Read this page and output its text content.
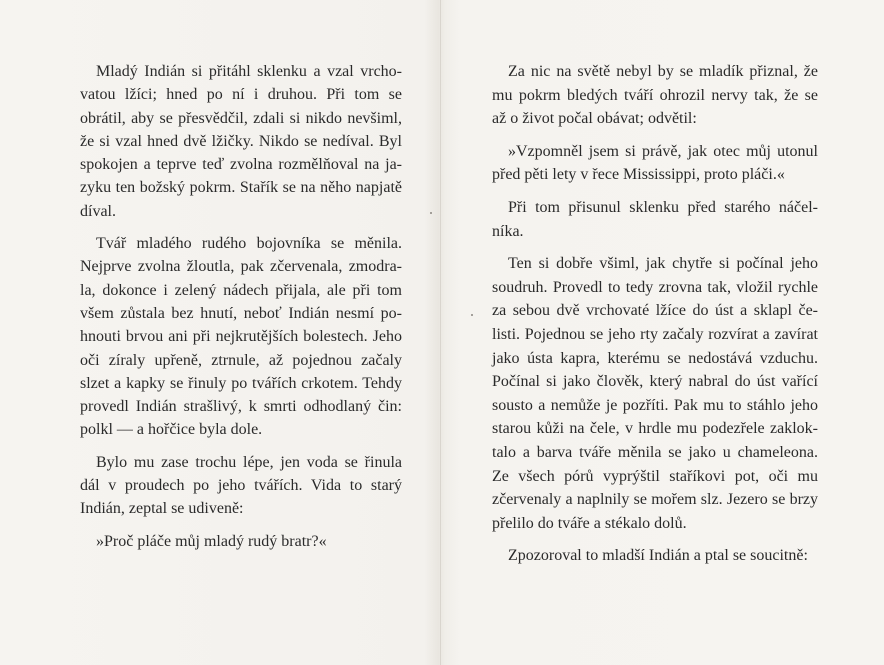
Mladý Indián si přitáhl sklenku a vzal vrcho-
vatou lžíci; hned po ní i druhou. Při tom se
obrátil, aby se přesvědčil, zdali si nikdo nevšiml,
že si vzal hned dvě lžičky. Nikdo se nedíval. Byl
spokojen a teprve teď zvolna rozmělňoval na ja-
zyku ten božský pokrm. Stařík se na něho napjatě
díval.
Tvář mladého rudého bojovníka se měnila.
Nejprve zvolna žloutla, pak zčervenala, zmodra-
la, dokonce i zelený nádech přijala, ale při tom
všem zůstala bez hnutí, neboť Indián nesmí po-
hnouti brvou ani při nejkrutějších bolestech. Jeho
oči zíraly upřeně, ztrnule, až pojednou začaly
slzet a kapky se řinuly po tvářích crkotem. Tehdy
provedl Indián strašlivý, k smrti odhodlaný čin:
polkl — a hořčice byla dole.
Bylo mu zase trochu lépe, jen voda se řinula
dál v proudech po jeho tvářích. Vida to starý
Indián, zeptal se udiveně:
»Proč pláče můj mladý rudý bratr?«
Za nic na světě nebyl by se mladík přiznal, že
mu pokrm bledých tváří ohrozil nervy tak, že se
až o život počal obávat; odvětil:
»Vzpomněl jsem si právě, jak otec můj utonul
před pěti lety v řece Mississippi, proto pláči.«
Při tom přisunul sklenku před starého náčel-
níka.
Ten si dobře všiml, jak chytře si počínal jeho
soudruh. Provedl to tedy zrovna tak, vložil rychle
za sebou dvě vrchovaté lžíce do úst a sklapl če-
listi. Pojednou se jeho rty začaly rozvírat a zavírat
jako ústa kapra, kterému se nedostává vzduchu.
Počínal si jako člověk, který nabral do úst vařící
sousto a nemůže je pozříti. Pak mu to stáhlo jeho
starou kůži na čele, v hrdle mu podezřele zaklok-
talo a barva tváře měnila se jako u chameleona.
Ze všech pórů vyprýštil staříkovi pot, oči mu
zčervenaly a naplnily se mořem slz. Jezero se brzy
přelilo do tváře a stékalo dolů.
Zpozoroval to mladší Indián a ptal se soucitně:
